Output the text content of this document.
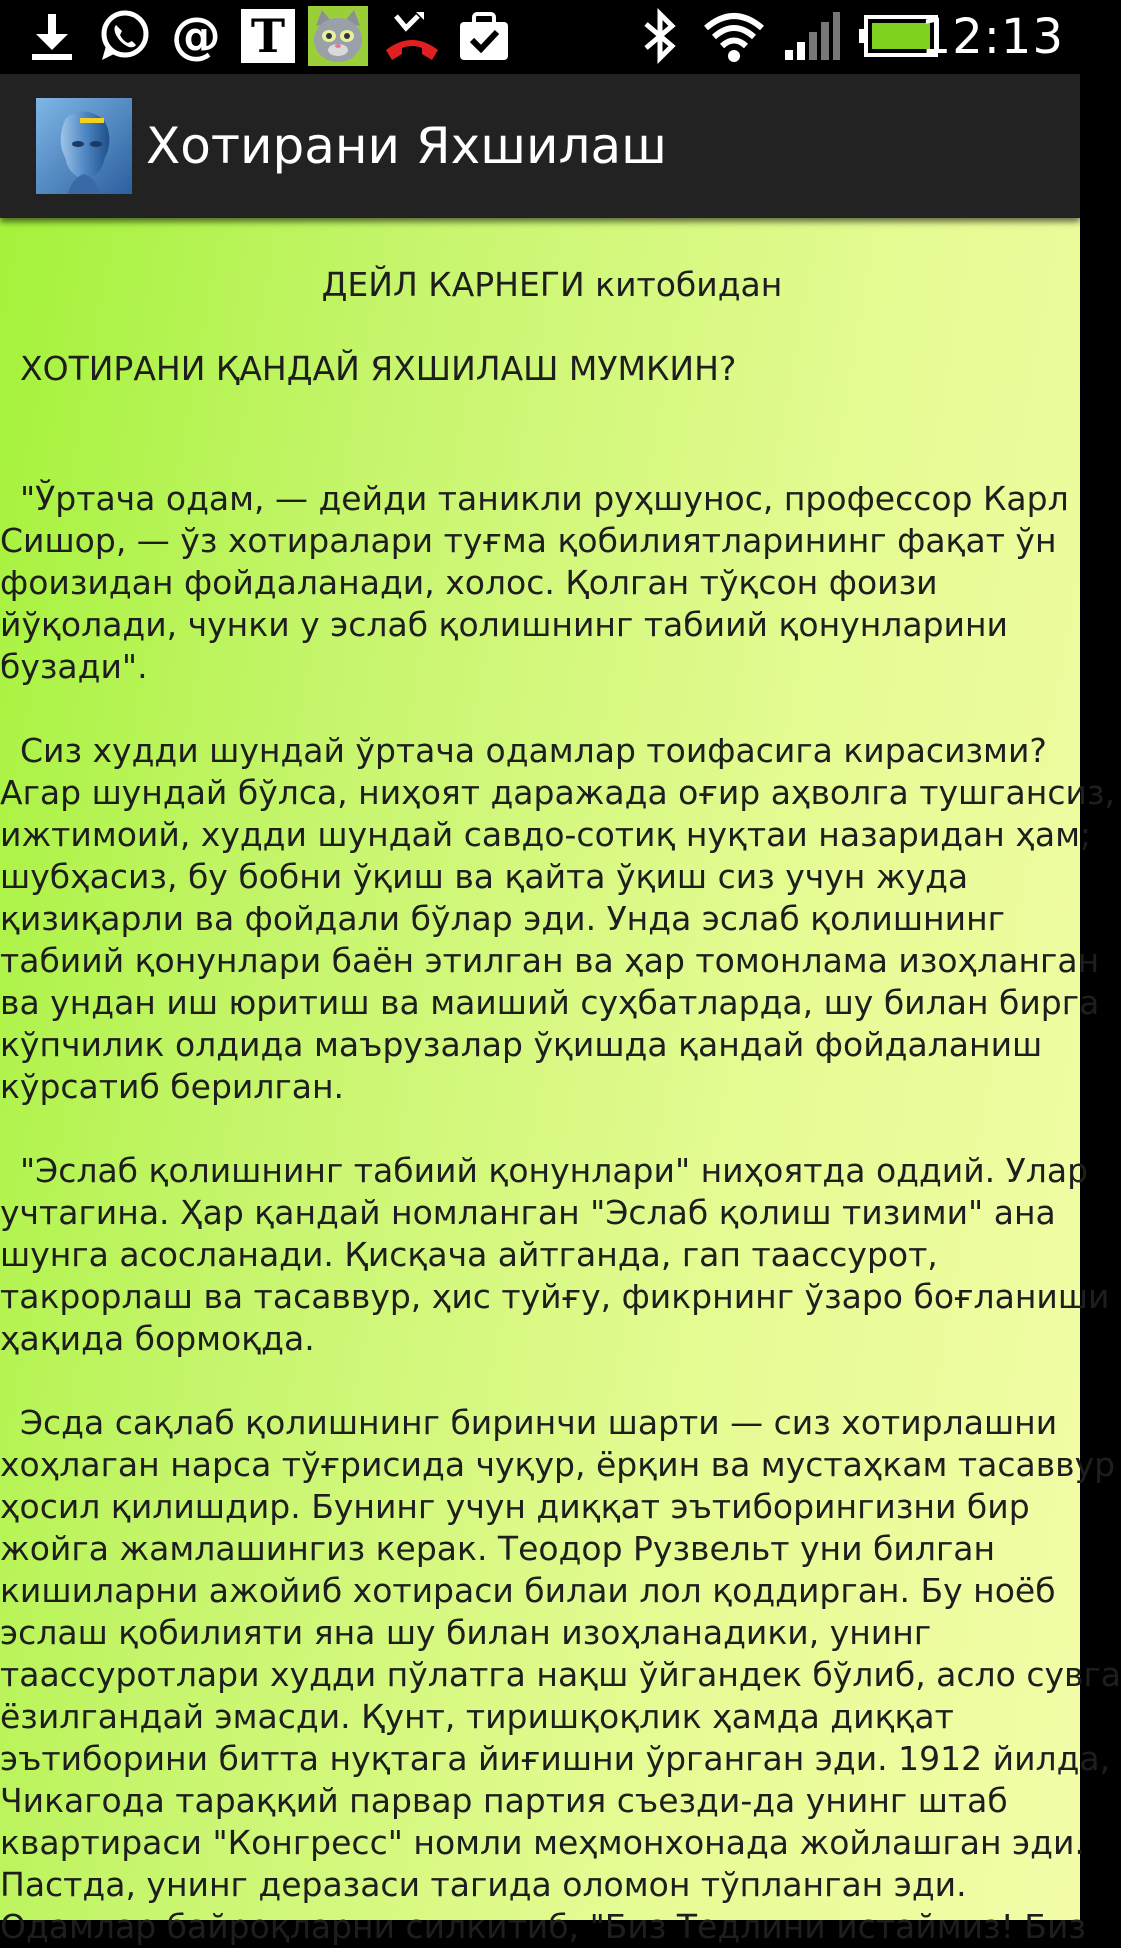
@ T	12:13
Хотирани Яхшилаш
ДЕЙЛ КАРНЕГИ китобидан
ХОТИРАНИ ҚАНДАЙ ЯХШИЛАШ МУМКИН?
"Ўртача одам, — дейди таникли руҳшунос, профессор Карл
Сишор, — ўз хотиралари туғма қобилиятларининг фақат ўн
фоизидан фойдаланади, холос. Қолган тўқсон фоизи
йўқолади, чунки у эслаб қолишнинг табиий қонунларини
бузади".
Сиз худди шундай ўртача одамлар тоифасига кирасизми?
Агар шундай бўлса, ниҳоят даражада оғир аҳволга тушгансиз,
ижтимоий, худди шундай савдо-сотиқ нуқтаи назаридан ҳам;
шубҳасиз, бу бобни ўқиш ва қайта ўқиш сиз учун жуда
қизиқарли ва фойдали бўлар эди. Унда эслаб қолишнинг
табиий қонунлари баён этилган ва ҳар томонлама изоҳланган
ва ундан иш юритиш ва маиший суҳбатларда, шу билан бирга
кўпчилик олдида маърузалар ўқишда қандай фойдаланиш
кўрсатиб берилган.
"Эслаб қолишнинг табиий қонунлари" ниҳоятда оддий. Улар
учтагина. Ҳар қандай номланган "Эслаб қолиш тизими" ана
шунга асосланади. Қисқача айтганда, гап таассурот,
такрорлаш ва тасаввур, ҳис туйғу, фикрнинг ўзаро боғланиши
ҳақида бормоқда.
Эсда сақлаб қолишнинг биринчи шарти — сиз хотирлашни
хоҳлаган нарса тўғрисида чуқур, ёрқин ва мустаҳкам тасаввур
ҳосил қилишдир. Бунинг учун диққат эътиборингизни бир
жойга жамлашингиз керак. Теодор Рузвельт уни билган
кишиларни ажойиб хотираси билаи лол қоддирган. Бу ноёб
эслаш қобилияти яна шу билан изоҳланадики, унинг
таассуротлари худди пўлатга нақш ўйгандек бўлиб, асло сувга
ёзилгандай эмасди. Қунт, тиришқоқлик ҳамда диққат
эътиборини битта нуқтага йиғишни ўрганган эди. 1912 йилда,
Чикагода тараққий парвар партия съезди-да унинг штаб
квартираси "Конгресс" номли меҳмонхонада жойлашган эди.
Пастда, унинг деразаси тагида оломон тўпланган эди.
Одамлар байроқларни силкитиб, "Биз Тедлини истаймиз! Биз
